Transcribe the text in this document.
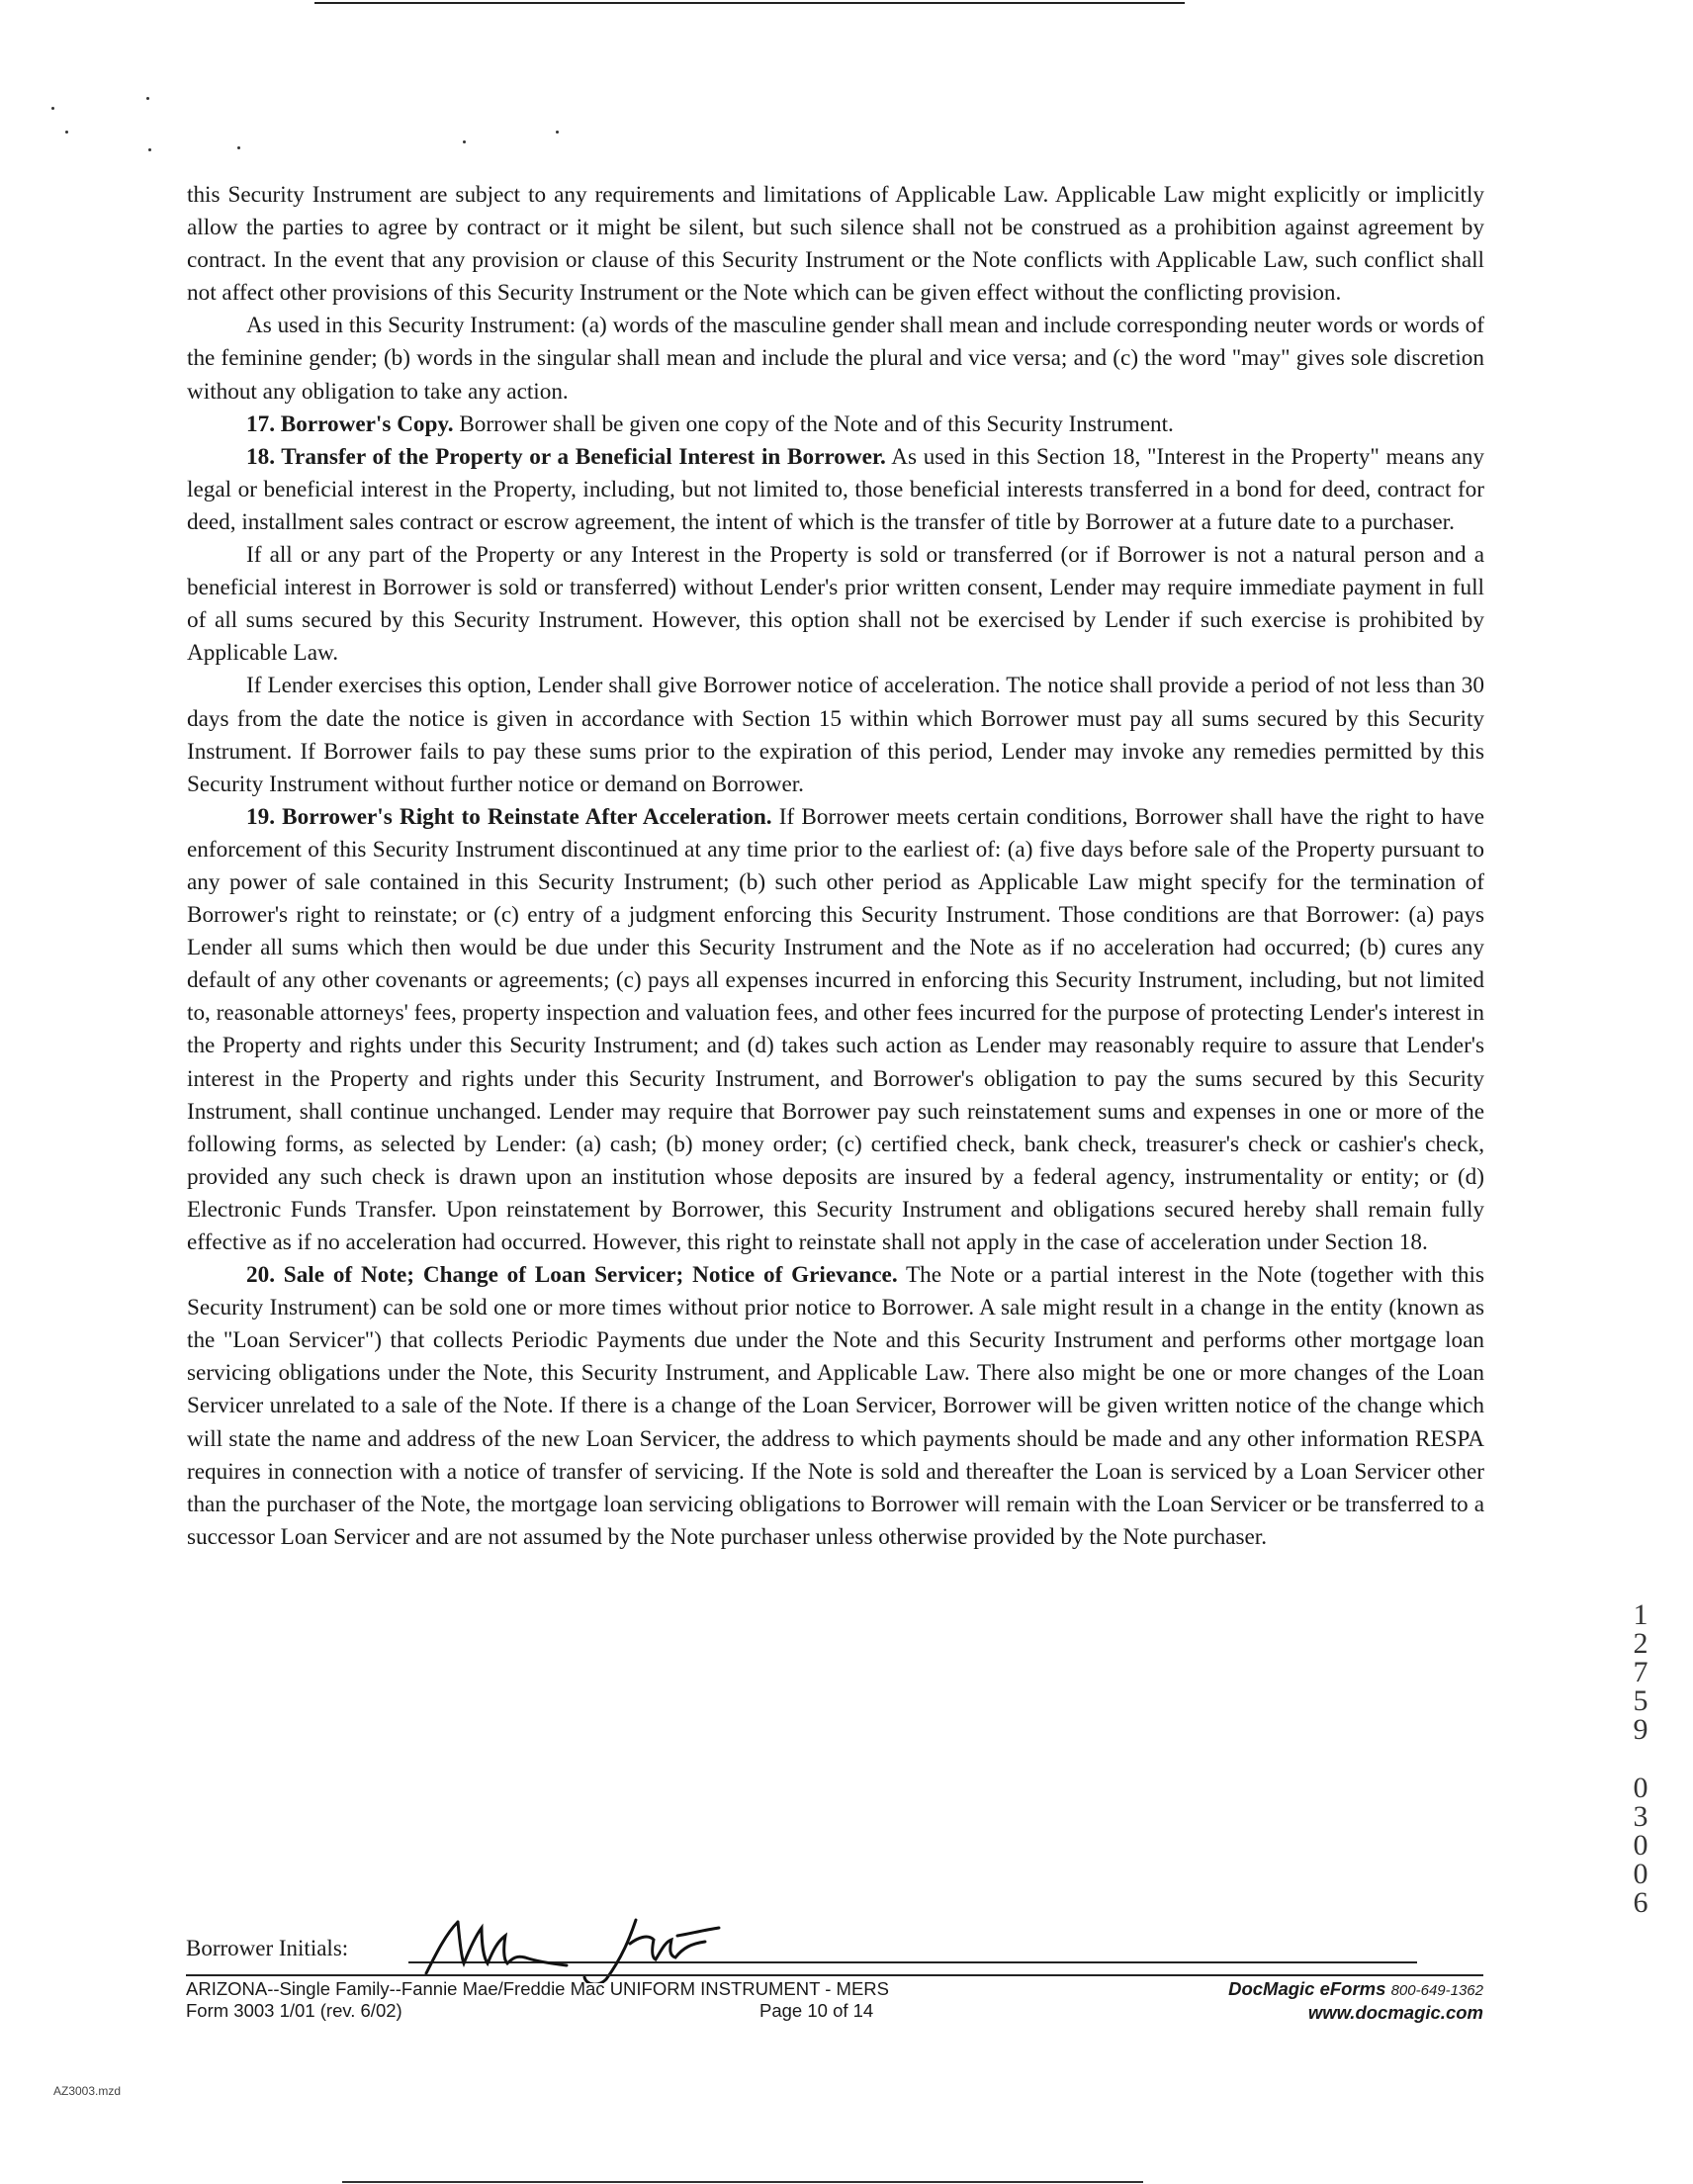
this Security Instrument are subject to any requirements and limitations of Applicable Law. Applicable Law might explicitly or implicitly allow the parties to agree by contract or it might be silent, but such silence shall not be construed as a prohibition against agreement by contract. In the event that any provision or clause of this Security Instrument or the Note conflicts with Applicable Law, such conflict shall not affect other provisions of this Security Instrument or the Note which can be given effect without the conflicting provision.

As used in this Security Instrument: (a) words of the masculine gender shall mean and include corresponding neuter words or words of the feminine gender; (b) words in the singular shall mean and include the plural and vice versa; and (c) the word "may" gives sole discretion without any obligation to take any action.

17. Borrower's Copy. Borrower shall be given one copy of the Note and of this Security Instrument.

18. Transfer of the Property or a Beneficial Interest in Borrower. As used in this Section 18, "Interest in the Property" means any legal or beneficial interest in the Property, including, but not limited to, those beneficial interests transferred in a bond for deed, contract for deed, installment sales contract or escrow agreement, the intent of which is the transfer of title by Borrower at a future date to a purchaser.

If all or any part of the Property or any Interest in the Property is sold or transferred (or if Borrower is not a natural person and a beneficial interest in Borrower is sold or transferred) without Lender's prior written consent, Lender may require immediate payment in full of all sums secured by this Security Instrument. However, this option shall not be exercised by Lender if such exercise is prohibited by Applicable Law.

If Lender exercises this option, Lender shall give Borrower notice of acceleration. The notice shall provide a period of not less than 30 days from the date the notice is given in accordance with Section 15 within which Borrower must pay all sums secured by this Security Instrument. If Borrower fails to pay these sums prior to the expiration of this period, Lender may invoke any remedies permitted by this Security Instrument without further notice or demand on Borrower.

19. Borrower's Right to Reinstate After Acceleration. If Borrower meets certain conditions, Borrower shall have the right to have enforcement of this Security Instrument discontinued at any time prior to the earliest of: (a) five days before sale of the Property pursuant to any power of sale contained in this Security Instrument; (b) such other period as Applicable Law might specify for the termination of Borrower's right to reinstate; or (c) entry of a judgment enforcing this Security Instrument. Those conditions are that Borrower: (a) pays Lender all sums which then would be due under this Security Instrument and the Note as if no acceleration had occurred; (b) cures any default of any other covenants or agreements; (c) pays all expenses incurred in enforcing this Security Instrument, including, but not limited to, reasonable attorneys' fees, property inspection and valuation fees, and other fees incurred for the purpose of protecting Lender's interest in the Property and rights under this Security Instrument; and (d) takes such action as Lender may reasonably require to assure that Lender's interest in the Property and rights under this Security Instrument, and Borrower's obligation to pay the sums secured by this Security Instrument, shall continue unchanged. Lender may require that Borrower pay such reinstatement sums and expenses in one or more of the following forms, as selected by Lender: (a) cash; (b) money order; (c) certified check, bank check, treasurer's check or cashier's check, provided any such check is drawn upon an institution whose deposits are insured by a federal agency, instrumentality or entity; or (d) Electronic Funds Transfer. Upon reinstatement by Borrower, this Security Instrument and obligations secured hereby shall remain fully effective as if no acceleration had occurred. However, this right to reinstate shall not apply in the case of acceleration under Section 18.

20. Sale of Note; Change of Loan Servicer; Notice of Grievance. The Note or a partial interest in the Note (together with this Security Instrument) can be sold one or more times without prior notice to Borrower. A sale might result in a change in the entity (known as the "Loan Servicer") that collects Periodic Payments due under the Note and this Security Instrument and performs other mortgage loan servicing obligations under the Note, this Security Instrument, and Applicable Law. There also might be one or more changes of the Loan Servicer unrelated to a sale of the Note. If there is a change of the Loan Servicer, Borrower will be given written notice of the change which will state the name and address of the new Loan Servicer, the address to which payments should be made and any other information RESPA requires in connection with a notice of transfer of servicing. If the Note is sold and thereafter the Loan is serviced by a Loan Servicer other than the purchaser of the Note, the mortgage loan servicing obligations to Borrower will remain with the Loan Servicer or be transferred to a successor Loan Servicer and are not assumed by the Note purchaser unless otherwise provided by the Note purchaser.

Borrower Initials:
ARIZONA--Single Family--Fannie Mae/Freddie Mac UNIFORM INSTRUMENT - MERS
Form 3003 1/01 (rev. 6/02)	Page 10 of 14
DocMagic eForms 800-649-1362
www.docmagic.com
1
2
7
5
9
0
3
0
0
6
AZ3003.mzd
